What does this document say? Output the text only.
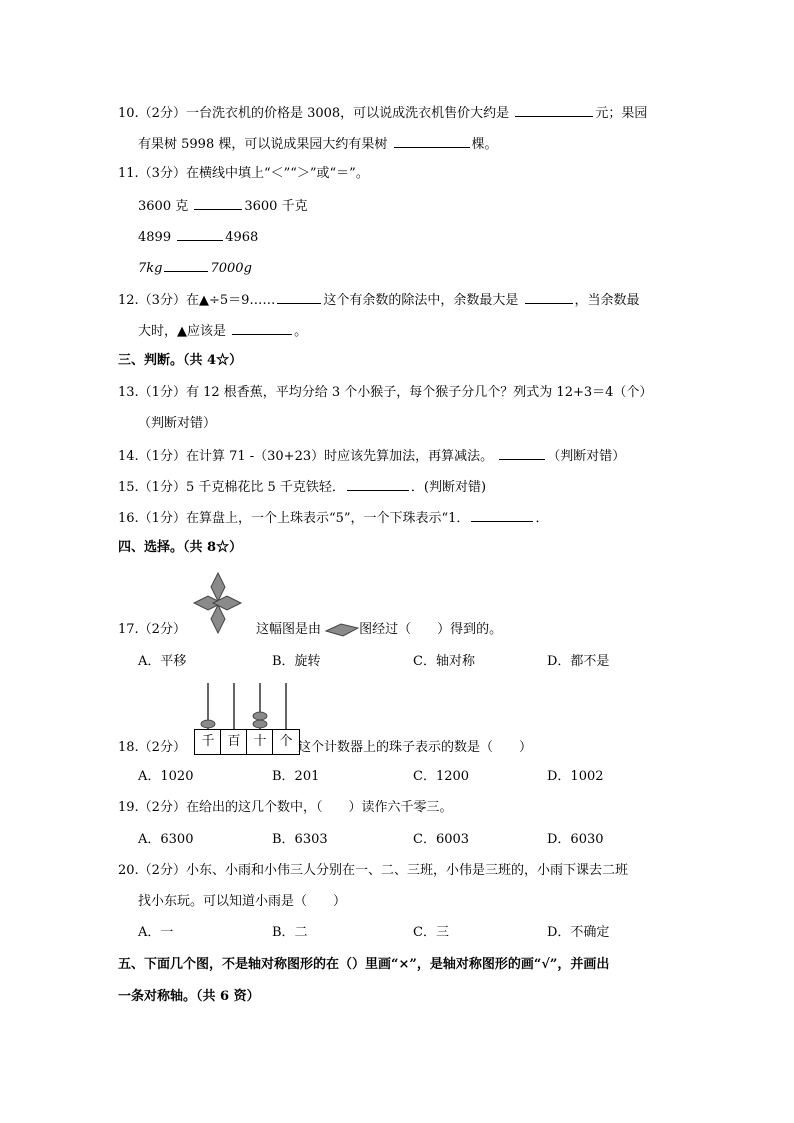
10.（2分）一台洗衣机的价格是 3008，可以说成洗衣机售价大约是	元；果园
有果树 5998 棵，可以说成果园大约有果树	棵。
11.（3分）在横线中填上“＜”“＞”或“＝”。
3600 克	3600 千克
4899	4968
7kg	7000g
12.（3分）在▲÷5＝9……	这个有余数的除法中，余数最大是	，当余数最
大时，▲应该是	。
三、判断。（共 4☆）
13.（1分）有 12 根香蕉，平均分给 3 个小猴子，每个猴子分几个？列式为 12+3＝4（个）
（判断对错）
14.（1分）在计算 71 -（30+23）时应该先算加法，再算减法。	（判断对错）
15.（1分）5 千克棉花比 5 千克铁轻．	．(判断对错)
16.（1分）在算盘上，一个上珠表示“5”，一个下珠表示“1．	．
四、选择。（共 8☆）
17.（2分）	这幅图是由	图经过（　　）得到的。
A．平移	B．旋转	C．轴对称	D．都不是
千 百 十 个
18.（2分）	这个计数器上的珠子表示的数是（　　）
A．1020	B．201	C．1200	D．1002
19.（2分）在给出的这几个数中，（　　）读作六千零三。
A．6300	B．6303	C．6003	D．6030
20.（2分）小东、小雨和小伟三人分别在一、二、三班，小伟是三班的，小雨下课去二班
找小东玩。可以知道小雨是（　　）
A．一	B．二	C．三	D．不确定
五、下面几个图，不是轴对称图形的在（）里画“×”，是轴对称图形的画“√”，并画出
一条对称轴。（共 6 资）
